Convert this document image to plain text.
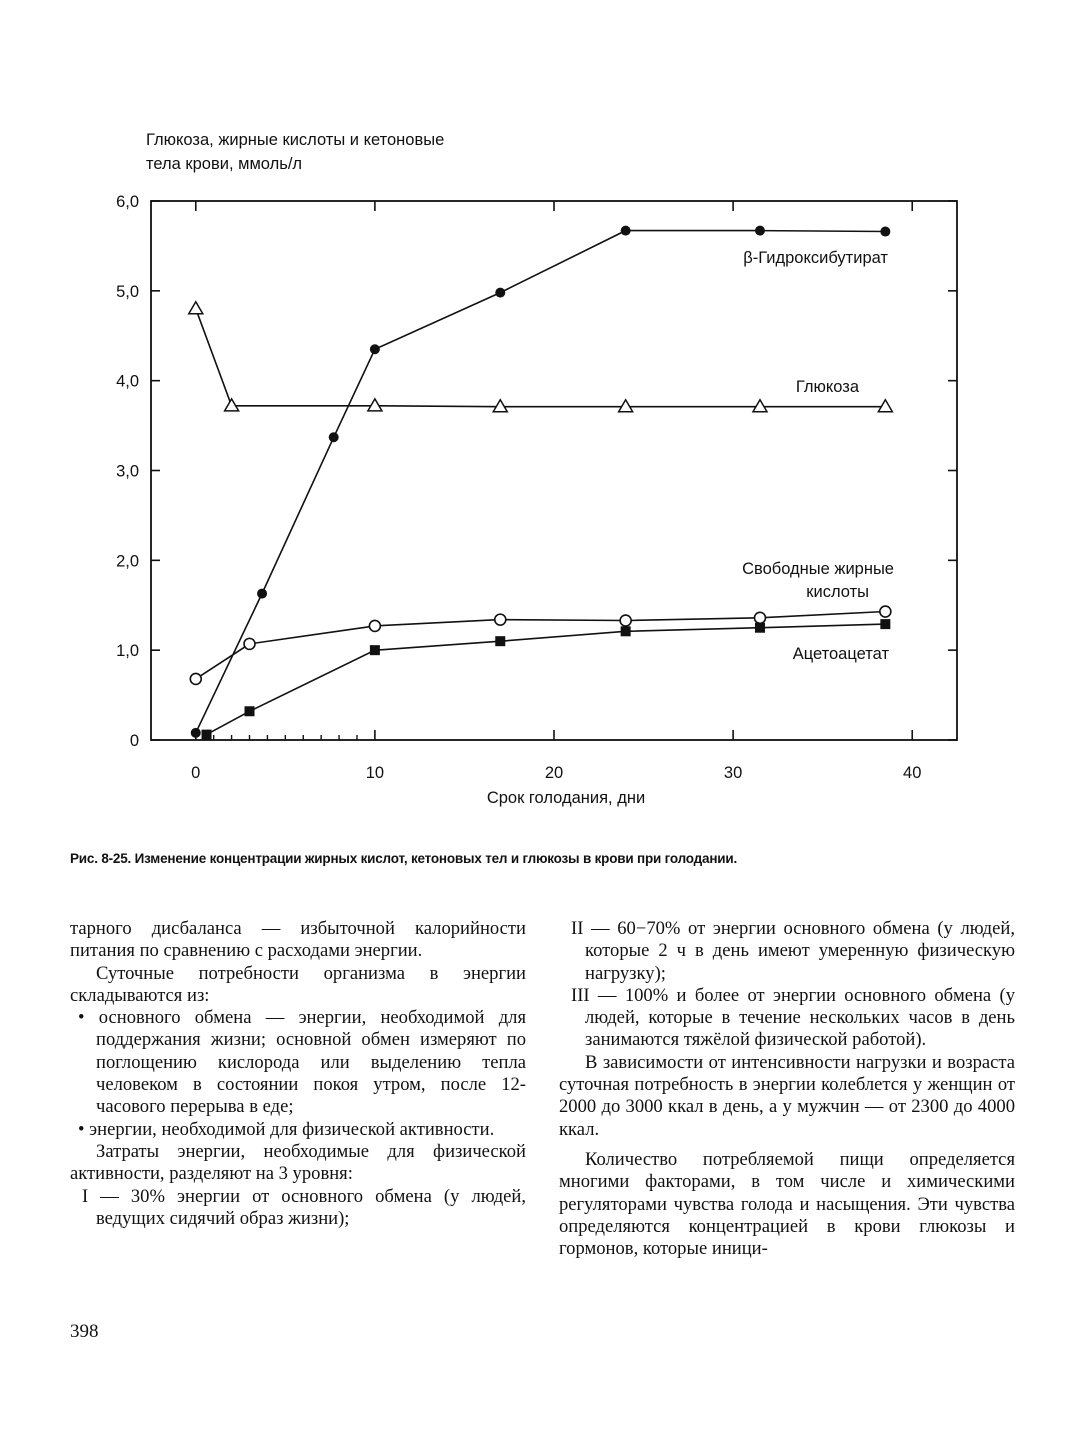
Глюкоза, жирные кислоты и кетоновые
тела крови, ммоль/л
0
1,0
2,0
3,0
4,0
5,0
6,0
0	10	20	30	40
β-Гидроксибутират
Глюкоза
Свободные жирные
кислоты
Ацетоацетат
Срок голодания, дни
Рис. 8-25. Изменение концентрации жирных кислот, кетоновых тел и глюкозы в крови при голодании.

тарного дисбаланса — избыточной калорийности питания по сравнению с расходами энергии.

Суточные потребности организма в энергии складываются из:

• основного обмена — энергии, необходимой для поддержания жизни; основной обмен измеряют по поглощению кислорода или выделению тепла человеком в состоянии покоя утром, после 12-часового перерыва в еде;

• энергии, необходимой для физической активности.

Затраты энергии, необходимые для физической активности, разделяют на 3 уровня:

I — 30% энергии от основного обмена (у людей, ведущих сидячий образ жизни);

II — 60−70% от энергии основного обмена (у людей, которые 2 ч в день имеют умеренную физическую нагрузку);

III — 100% и более от энергии основного обмена (у людей, которые в течение нескольких часов в день занимаются тяжёлой физической работой).

В зависимости от интенсивности нагрузки и возраста суточная потребность в энергии колеблется у женщин от 2000 до 3000 ккал в день, а у мужчин — от 2300 до 4000 ккал.

Количество потребляемой пищи определяется многими факторами, в том числе и химическими регуляторами чувства голода и насыщения. Эти чувства определяются концентрацией в крови глюкозы и гормонов, которые иници-

398
